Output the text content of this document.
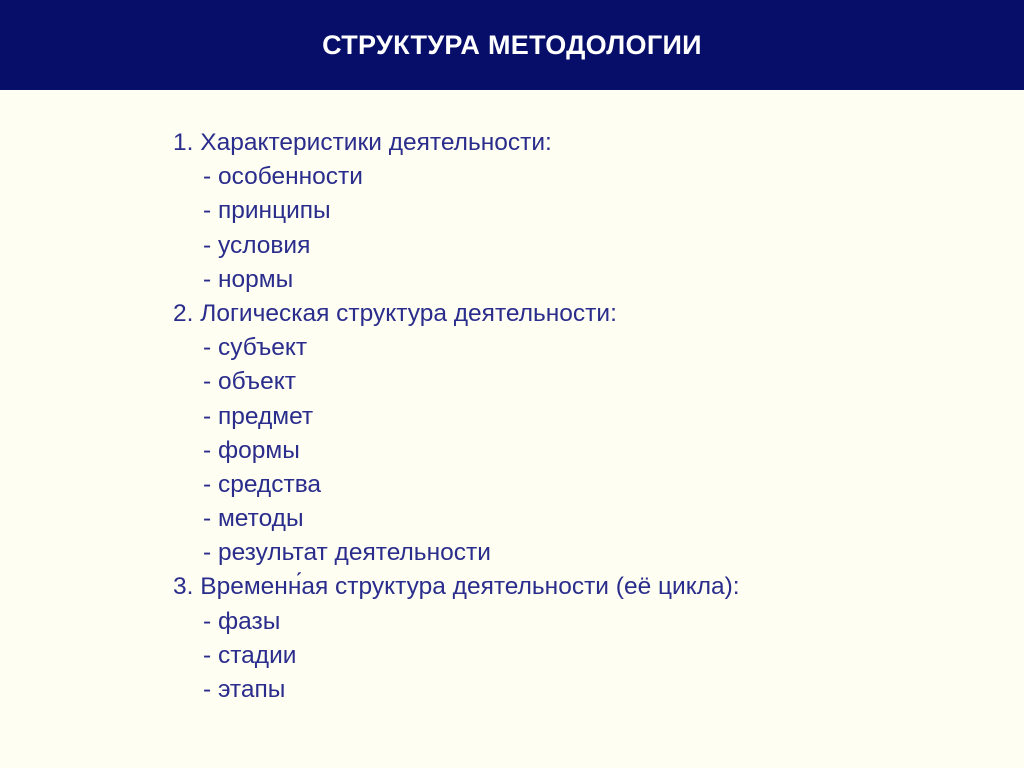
СТРУКТУРА МЕТОДОЛОГИИ
1. Характеристики деятельности:
- особенности
- принципы
- условия
- нормы
2. Логическая структура деятельности:
- субъект
- объект
- предмет
- формы
- средства
- методы
- результат деятельности
3. Временн́ая структура деятельности (её цикла):
- фазы
- стадии
- этапы
